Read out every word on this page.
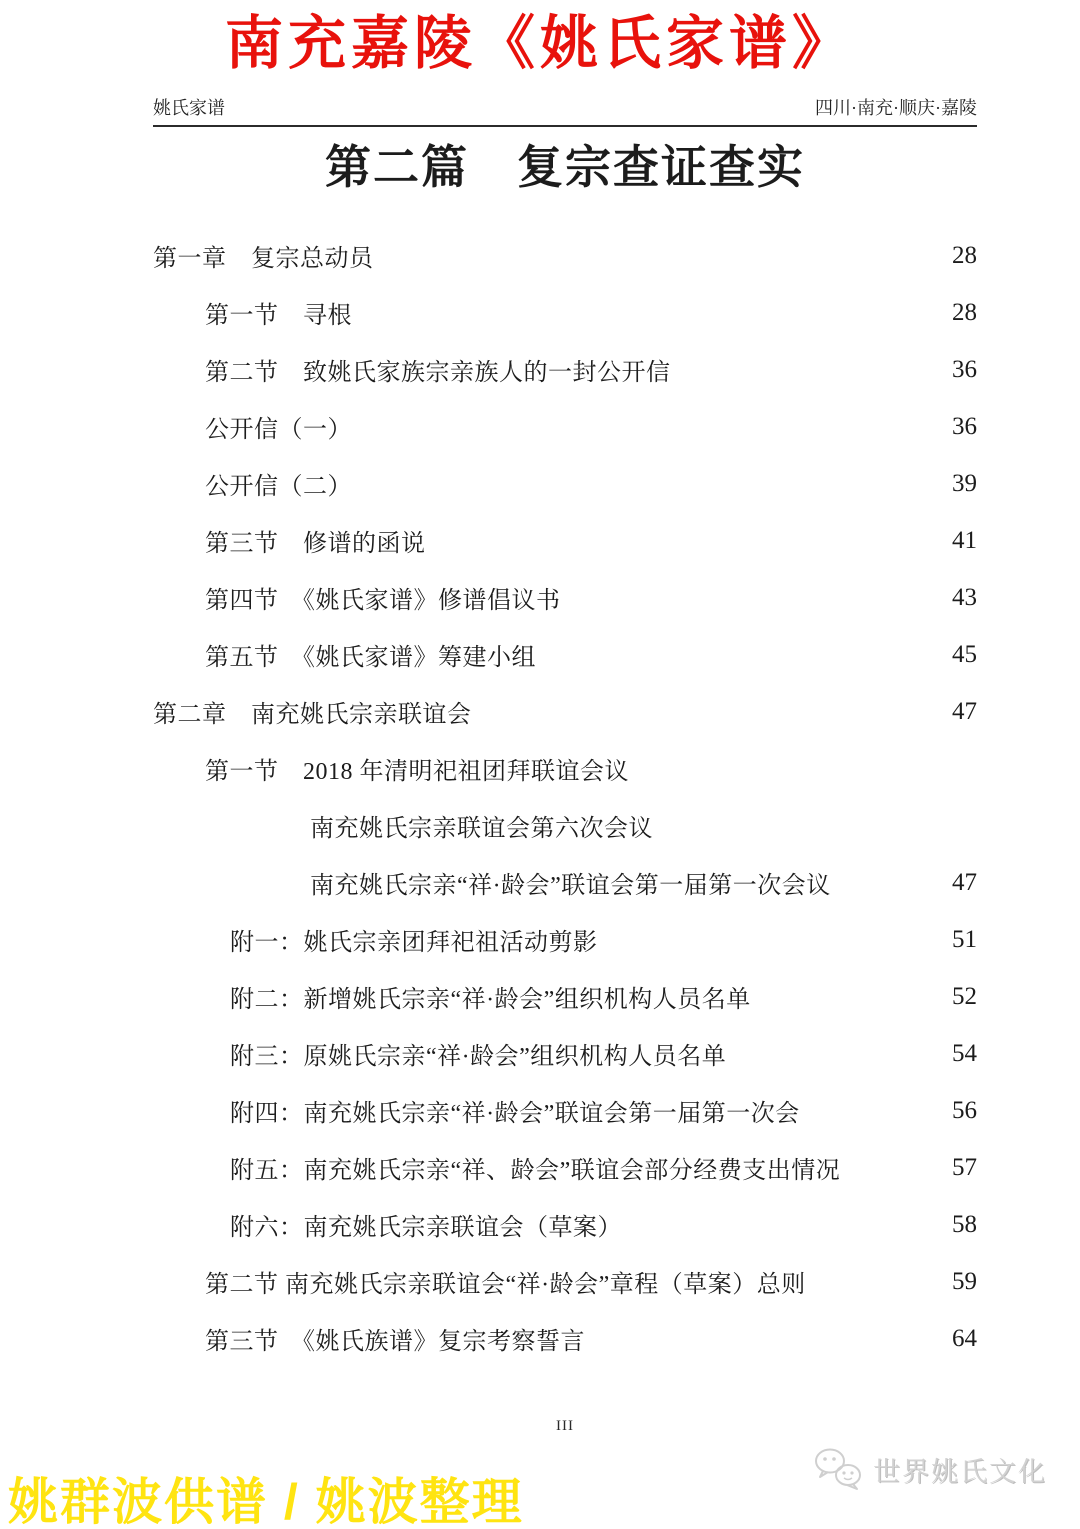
南充嘉陵《姚氏家谱》
姚氏家谱	四川·南充·顺庆·嘉陵
第二篇　复宗查证查实
第一章　复宗总动员	28
第一节　寻根	28
第二节　致姚氏家族宗亲族人的一封公开信	36
公开信（一）	36
公开信（二）	39
第三节　修谱的函说	41
第四节　《姚氏家谱》修谱倡议书	43
第五节　《姚氏家谱》筹建小组	45
第二章　南充姚氏宗亲联谊会	47
第一节　2018 年清明祀祖团拜联谊会议
南充姚氏宗亲联谊会第六次会议
南充姚氏宗亲“祥·龄会”联谊会第一届第一次会议	47
附一：姚氏宗亲团拜祀祖活动剪影	51
附二：新增姚氏宗亲“祥·龄会”组织机构人员名单	52
附三：原姚氏宗亲“祥·龄会”组织机构人员名单	54
附四：南充姚氏宗亲“祥·龄会”联谊会第一届第一次会	56
附五：南充姚氏宗亲“祥、龄会”联谊会部分经费支出情况	57
附六：南充姚氏宗亲联谊会（草案）	58
第二节 南充姚氏宗亲联谊会“祥·龄会”章程（草案）总则	59
第三节　《姚氏族谱》复宗考察誓言	64
III
姚群波供谱 / 姚波整理
世界姚氏文化
